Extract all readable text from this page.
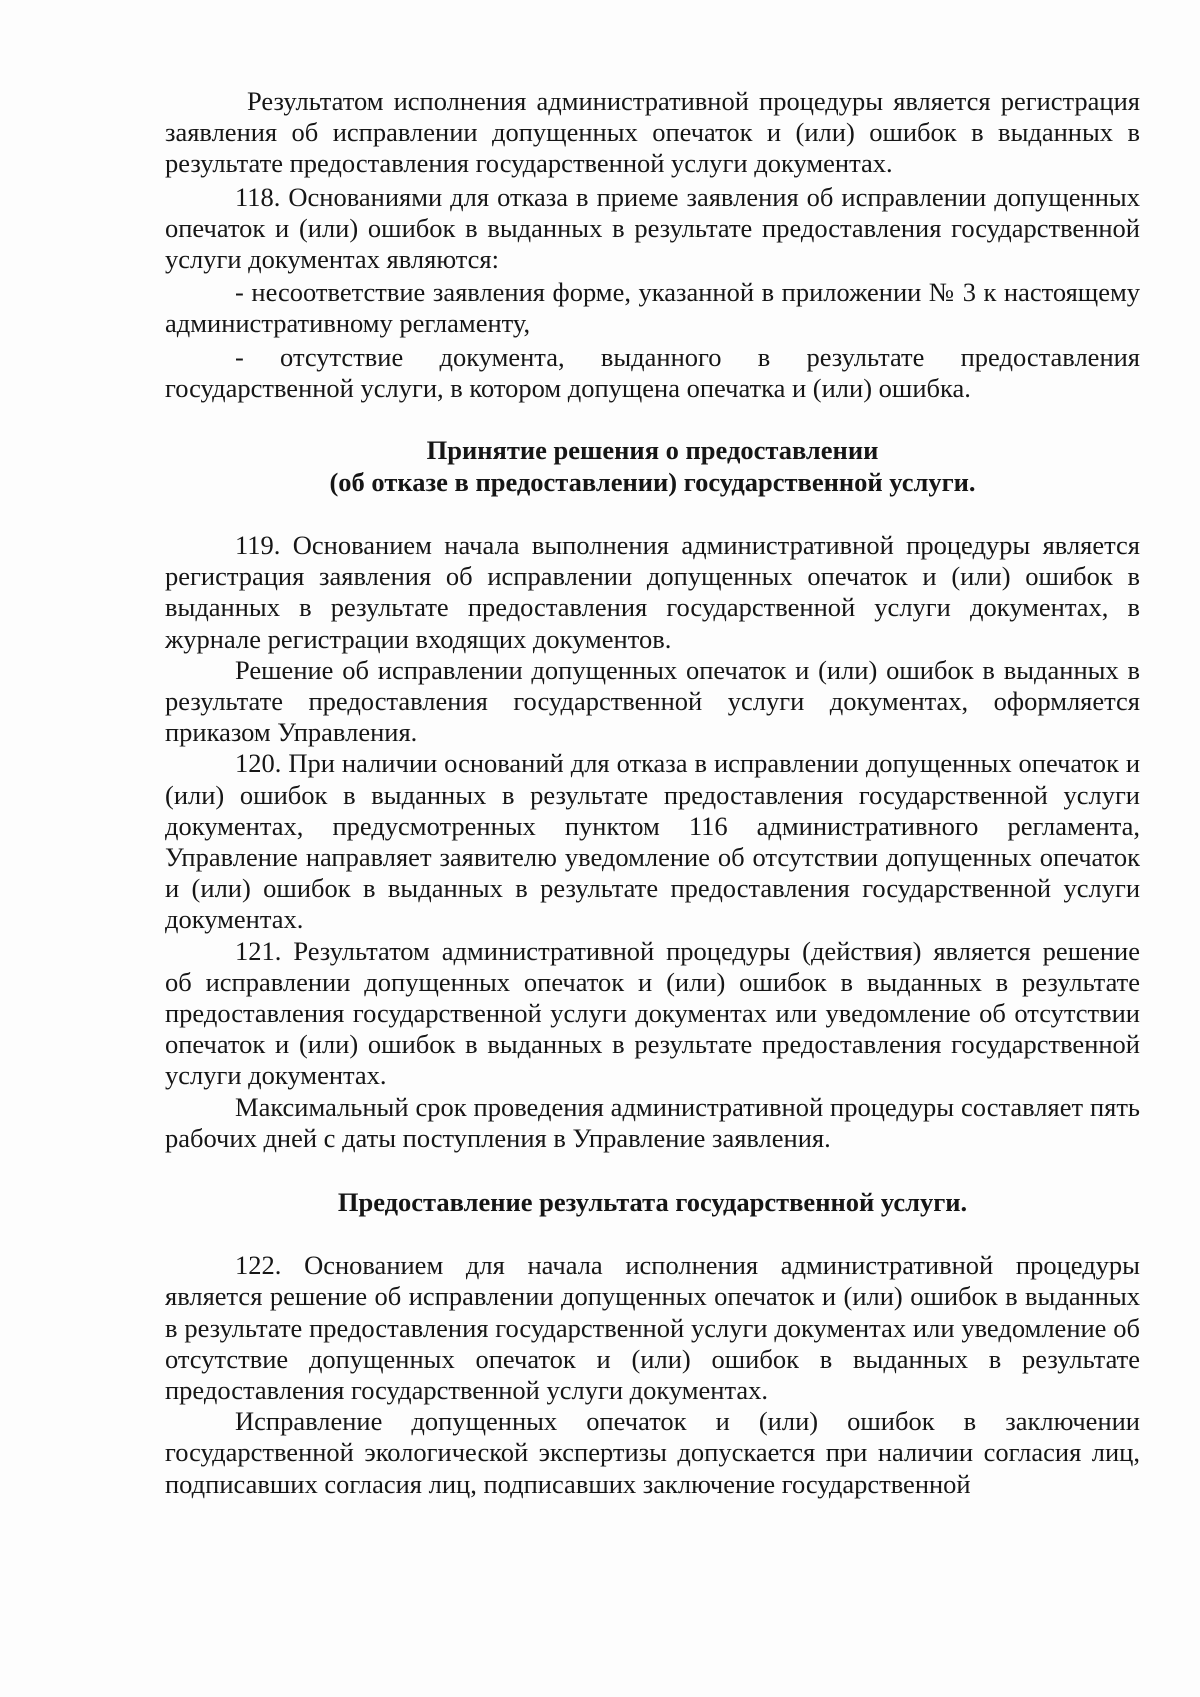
Результатом исполнения административной процедуры является регистрация заявления об исправлении допущенных опечаток и (или) ошибок в выданных в результате предоставления государственной услуги документах.

118. Основаниями для отказа в приеме заявления об исправлении допущенных опечаток и (или) ошибок в выданных в результате предоставления государственной услуги документах являются:

- несоответствие заявления форме, указанной в приложении № 3 к настоящему административному регламенту,

- отсутствие документа, выданного в результате предоставления государственной услуги, в котором допущена опечатка и (или) ошибка.

Принятие решения о предоставлении
(об отказе в предоставлении) государственной услуги.

119. Основанием начала выполнения административной процедуры является регистрация заявления об исправлении допущенных опечаток и (или) ошибок в выданных в результате предоставления государственной услуги документах, в журнале регистрации входящих документов.

Решение об исправлении допущенных опечаток и (или) ошибок в выданных в результате предоставления государственной услуги документах, оформляется приказом Управления.

120. При наличии оснований для отказа в исправлении допущенных опечаток и (или) ошибок в выданных в результате предоставления государственной услуги документах, предусмотренных пунктом 116 административного регламента, Управление направляет заявителю уведомление об отсутствии допущенных опечаток и (или) ошибок в выданных в результате предоставления государственной услуги документах.

121. Результатом административной процедуры (действия) является решение об исправлении допущенных опечаток и (или) ошибок в выданных в результате предоставления государственной услуги документах или уведомление об отсутствии опечаток и (или) ошибок в выданных в результате предоставления государственной услуги документах.

Максимальный срок проведения административной процедуры составляет пять рабочих дней с даты поступления в Управление заявления.

Предоставление результата государственной услуги.

122. Основанием для начала исполнения административной процедуры является решение об исправлении допущенных опечаток и (или) ошибок в выданных в результате предоставления государственной услуги документах или уведомление об отсутствие допущенных опечаток и (или) ошибок в выданных в результате предоставления государственной услуги документах.

Исправление допущенных опечаток и (или) ошибок в заключении государственной экологической экспертизы допускается при наличии согласия лиц, подписавших согласия лиц, подписавших заключение государственной
